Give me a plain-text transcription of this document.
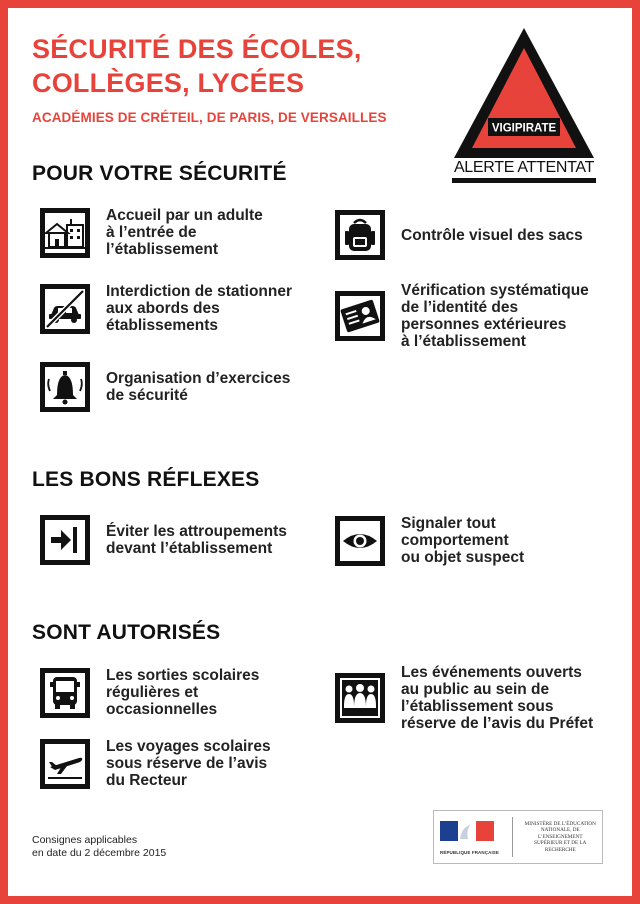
SÉCURITÉ DES ÉCOLES,
COLLÈGES, LYCÉES
ACADÉMIES DE CRÉTEIL, DE PARIS, DE VERSAILLES
VIGIPIRATE
ALERTE ATTENTAT
POUR VOTRE SÉCURITÉ
Accueil par un adulte
à l’entrée de
l’établissement
Contrôle visuel des sacs
Interdiction de stationner
aux abords des
établissements
Vérification systématique
de l’identité des
personnes extérieures
à l’établissement
Organisation d’exercices
de sécurité
LES BONS RÉFLEXES
Éviter les attroupements
devant l’établissement
Signaler tout
comportement
ou objet suspect
SONT AUTORISÉS
Les sorties scolaires
régulières et
occasionnelles
Les événements ouverts
au public au sein de
l’établissement sous
réserve de l’avis du Préfet
Les voyages scolaires
sous réserve de l’avis
du Recteur
Consignes applicables
en date du 2 décembre 2015	RÉPUBLIQUE FRANÇAISE
MINISTÈRE DE L’ÉDUCATION
NATIONALE, DE L’ENSEIGNEMENT
SUPÉRIEUR ET DE LA RECHERCHE
